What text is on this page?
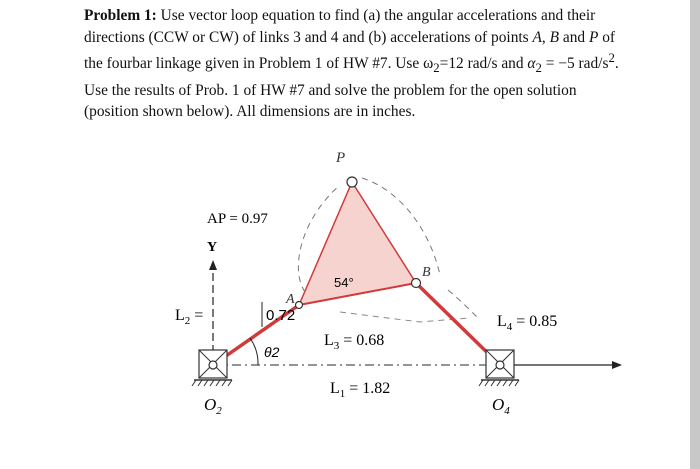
Problem 1: Use vector loop equation to find (a) the angular accelerations and their directions (CCW or CW) of links 3 and 4 and (b) accelerations of points A, B and P of the fourbar linkage given in Problem 1 of HW #7. Use $\omega_2=12$ rad/s and $\alpha_2 = -5$ rad/$s^2$. Use the results of Prob. 1 of HW #7 and solve the problem for the open solution (position shown below). All dimensions are in inches.

AP = 0.97
Y
$L_2$ =	0.72
54°
A
B
P
$L_3 = 0.68$
θ2
$L_1 = 1.82$
$L_4 = 0.85$
$O_2$	$O_4$
